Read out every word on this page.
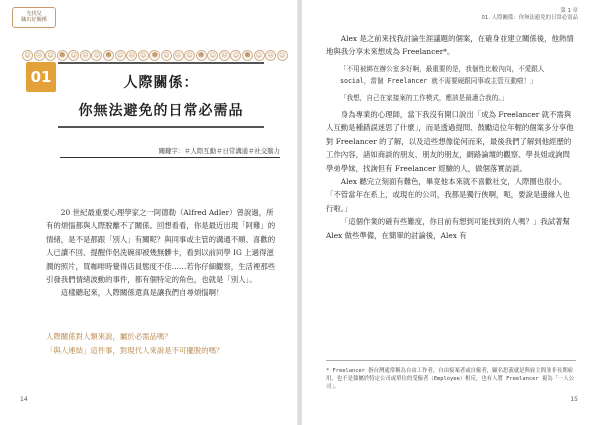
光找兒
職出好關係
☺ ☹ ☺ ☻ ☺ ☹ ☺ ☻ ☺ ☹ ☺ ☻ ☺ ☹ ☺ ☻ ☺ ☹ ☺ ☻ ☺ ☹ ☺
01	人際關係：
你無法避免的日常必需品
關鍵字：＃人際互動＃日常溝通＃社交腦力

20 世紀最重要心理學家之一阿德勒（Alfred Adler）曾說過，所有的煩惱都與人際脫離不了關係。回想看看，你是最近出現「阿雞」的情緒，是不是都跟「別人」有關呢？與同事或主管的溝通不順、喜歡的人已讀不回、提醒伴侶洗碗卻被幾無髒卡，看到以前同學 IG 上過得滋潤的照片，買咖啡時覺得店員態度不佳……若你仔細觀察，生活裡那些引發我們情緒波動的事件，都有個特定的角色，也就是「別人」。

這樣聽起來，人際關係還真是讓我們自尋煩惱啊！

人際關係對人類來說，屬於必需品嗎？

「與人連結」這件事，對現代人來說是不可擺脫的嗎？

14
第 1 章
01. 人際關係：你無法避免的日常必需品

Alex 是之前來找我討論生涯議題的個案，在確身並建立關係後，他熱情地與我分享未來想成為 Freelancer*。

「不用被綁在辦公室多好啊，最重要的是，我個性比較內向，不愛跟人 social，當個 Freelancer 就不需要硬跟同事或主管互動啦！」

「我想，自己在家接案的工作模式，應該是最適合我的。」

身為專業的心理師，當下我沒有開口說出「成為 Freelancer 就不需與人互動是種錯誤迷思了什麼」，而是透過提問、鼓勵這位年輕的個案多分享他對 Freelancer 的了解，以及這些想像從何而來，最後我們了解到他經歷的工作內容，諸如商談的朋友、朋友的朋友，網路論壇的觀察、學長姐或詢問學弟學妹，找詢但有 Freelancer 經驗的人，做個落實訪談。

Alex 聽完立刻面有難色，畢竟他本來就不喜歡社交，人際圈也很小。「不管當年在系上，或現在的公司，我都是獨行俠啊，呃，要說是邊緣人也行啦。」

「這個作業的確有些難度，你目前有想到可能找到的人嗎？」我試著幫 Alex 做些準備，在簡單的討論後，Alex 有

* Freelancer 指台灣通常稱為自由工作者，自由接案者或自僱者，顧名思義就是與雇主間並非長期雇用，也不是隸屬於特定公司或單位的受僱者（Employee）相反，也有人將 Freelancer 視為「一人公司」。
15
